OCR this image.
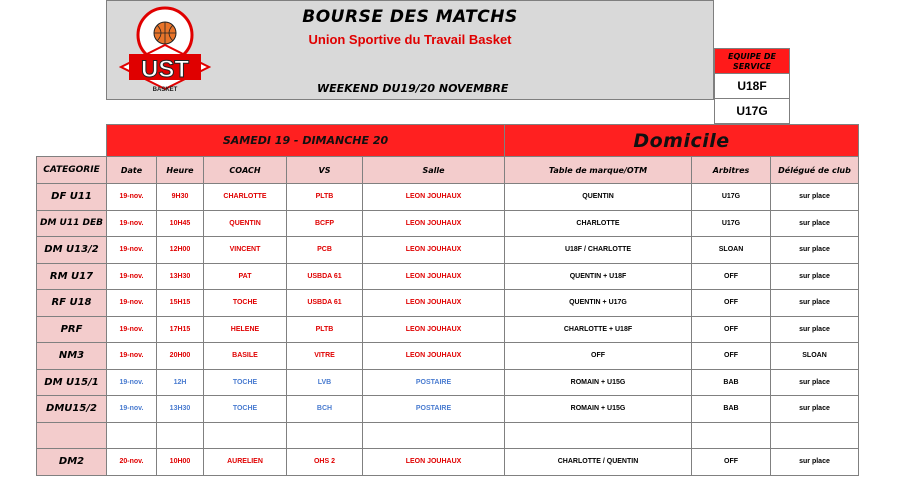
UST
BASKET
BOURSE DES MATCHS
Union Sportive du Travail Basket
WEEKEND DU19/20 NOVEMBRE
EQUIPE DE SERVICE
U18F
U17G
	SAMEDI 19 - DIMANCHE 20					Domicile		
CATEGORIE	Date	Heure	COACH	VS	Salle	Table de marque/OTM	Arbitres	Délégué de club
DF U11	19-nov.	9H30	CHARLOTTE	PLTB	LEON JOUHAUX	QUENTIN	U17G	sur place
DM U11 DEB	19-nov.	10H45	QUENTIN	BCFP	LEON JOUHAUX	CHARLOTTE	U17G	sur place
DM U13/2	19-nov.	12H00	VINCENT	PCB	LEON JOUHAUX	U18F / CHARLOTTE	SLOAN	sur place
RM U17	19-nov.	13H30	PAT	USBDA 61	LEON JOUHAUX	QUENTIN + U18F	OFF	sur place
RF U18	19-nov.	15H15	TOCHE	USBDA 61	LEON JOUHAUX	QUENTIN + U17G	OFF	sur place
PRF	19-nov.	17H15	HELENE	PLTB	LEON JOUHAUX	CHARLOTTE + U18F	OFF	sur place
NM3	19-nov.	20H00	BASILE	VITRE	LEON JOUHAUX	OFF	OFF	SLOAN
DM U15/1	19-nov.	12H	TOCHE	LVB	POSTAIRE	ROMAIN + U15G	BAB	sur place
DMU15/2	19-nov.	13H30	TOCHE	BCH	POSTAIRE	ROMAIN + U15G	BAB	sur place

DM2	20-nov.	10H00	AURELIEN	OHS 2	LEON JOUHAUX	CHARLOTTE / QUENTIN	OFF	sur place
